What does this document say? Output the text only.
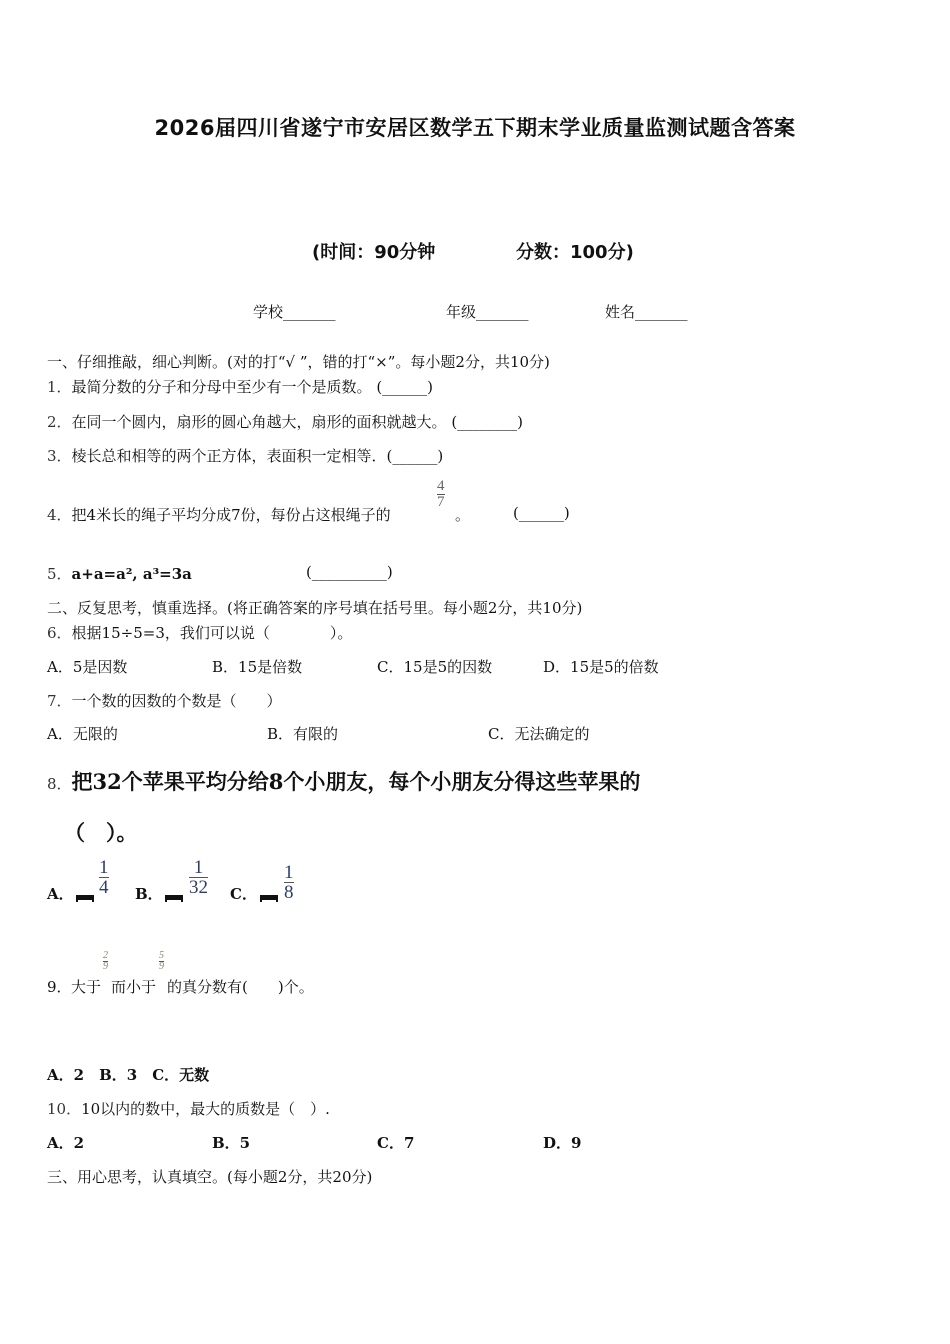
2026届四川省遂宁市安居区数学五下期末学业质量监测试题含答案
(时间：90分钟	分数：100分)
学校_______	年级_______	姓名_______
一、仔细推敲，细心判断。(对的打“√ ”，错的打“×”。每小题2分，共10分)
1．最简分数的分子和分母中至少有一个是质数。 (______)
2．在同一个圆内，扇形的圆心角越大，扇形的面积就越大。 (________)
3．棱长总和相等的两个正方体，表面积一定相等．(______)
4．把4米长的绳子平均分成7份，每份占这根绳子的
4
7
。	(______)
5．a+a=a², a³=3a	(__________)
二、反复思考，慎重选择。(将正确答案的序号填在括号里。每小题2分，共10分)
6．根据15÷5=3，我们可以说（　　　　）。
A．5是因数	B．15是倍数	C．15是5的因数	D．15是5的倍数
7．一个数的因数的个数是（　　）
A．无限的	B．有限的	C．无法确定的
8．把32个苹果平均分给8个小朋友，每个小朋友分得这些苹果的
（　）。
A．
1
4 B．
1
32 C．
1
8
9． 大于
2
9
而小于
5
9
的真分数有(　　)个。
A．2　B．3　C．无数
10．10以内的数中，最大的质数是（　）.
A．2	B．5	C．7	D．9
三、用心思考，认真填空。(每小题2分，共20分)
